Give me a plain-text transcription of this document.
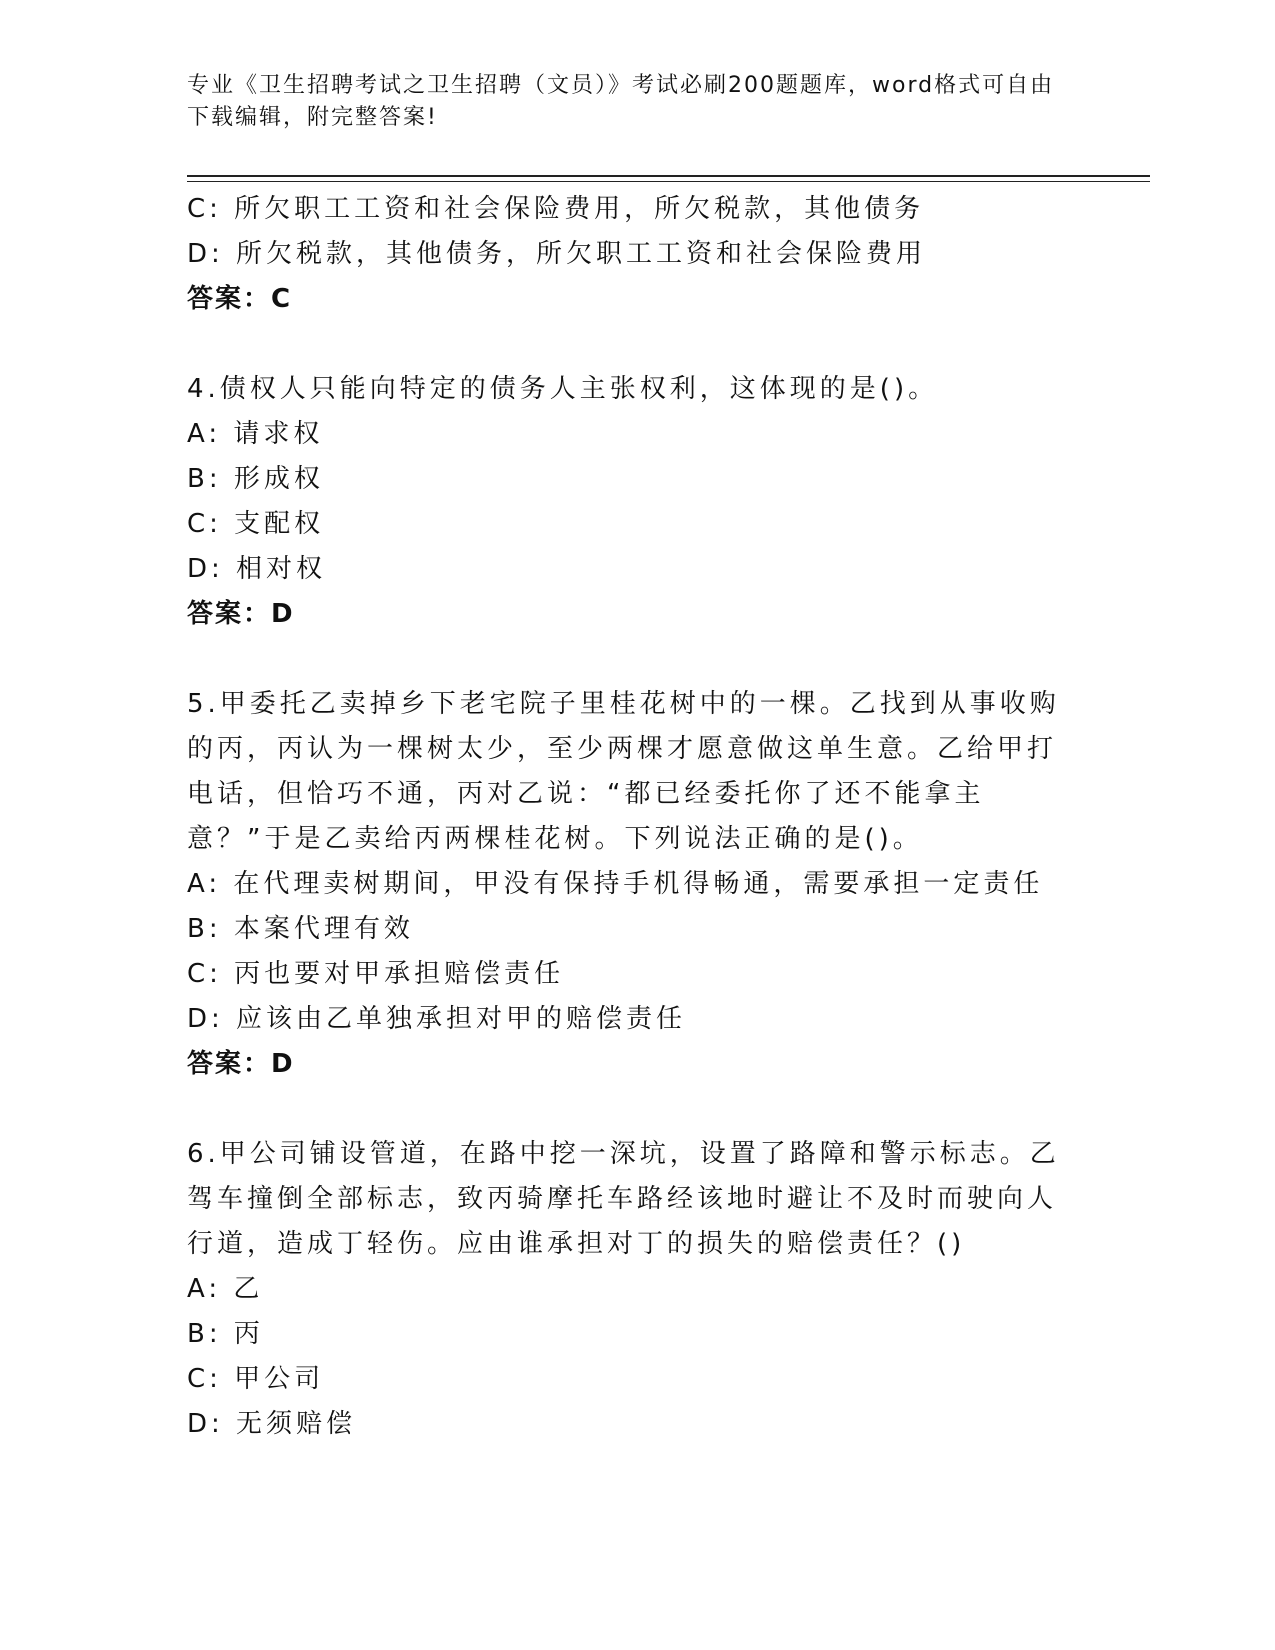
专业《卫生招聘考试之卫生招聘（文员）》考试必刷200题题库，word格式可自由下载编辑，附完整答案!
C: 所欠职工工资和社会保险费用，所欠税款，其他债务
D: 所欠税款，其他债务，所欠职工工资和社会保险费用
答案：C
4.债权人只能向特定的债务人主张权利，这体现的是()。
A: 请求权
B: 形成权
C: 支配权
D: 相对权
答案：D
5.甲委托乙卖掉乡下老宅院子里桂花树中的一棵。乙找到从事收购的丙，丙认为一棵树太少，至少两棵才愿意做这单生意。乙给甲打电话，但恰巧不通，丙对乙说：“都已经委托你了还不能拿主意？”于是乙卖给丙两棵桂花树。下列说法正确的是()。
A: 在代理卖树期间，甲没有保持手机得畅通，需要承担一定责任
B: 本案代理有效
C: 丙也要对甲承担赔偿责任
D: 应该由乙单独承担对甲的赔偿责任
答案：D
6.甲公司铺设管道，在路中挖一深坑，设置了路障和警示标志。乙驾车撞倒全部标志，致丙骑摩托车路经该地时避让不及时而驶向人行道，造成丁轻伤。应由谁承担对丁的损失的赔偿责任？()
A: 乙
B: 丙
C: 甲公司
D: 无须赔偿
